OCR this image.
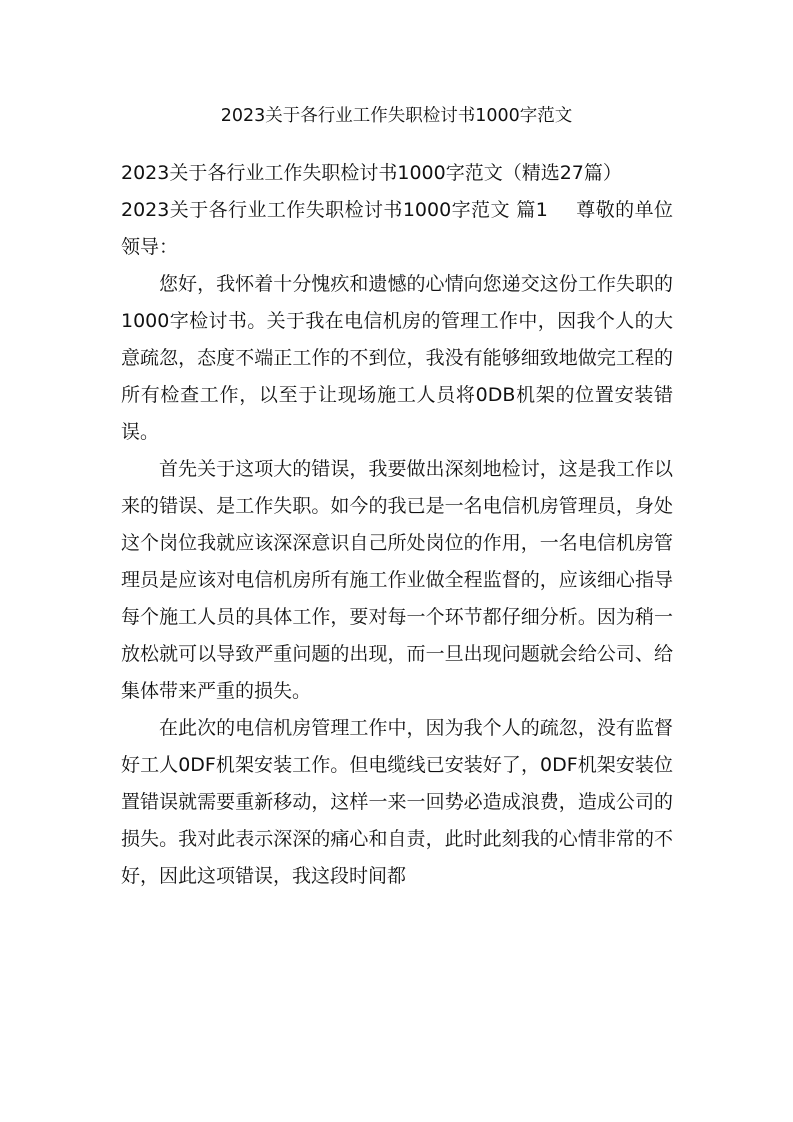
2023关于各行业工作失职检讨书1000字范文

2023关于各行业工作失职检讨书1000字范文（精选27篇）

2023关于各行业工作失职检讨书1000字范文 篇1 尊敬的单位领导：

您好，我怀着十分愧疚和遗憾的心情向您递交这份工作失职的1000字检讨书。关于我在电信机房的管理工作中，因我个人的大意疏忽，态度不端正工作的不到位，我没有能够细致地做完工程的所有检查工作，以至于让现场施工人员将0DB机架的位置安装错误。

首先关于这项大的错误，我要做出深刻地检讨，这是我工作以来的错误、是工作失职。如今的我已是一名电信机房管理员，身处这个岗位我就应该深深意识自己所处岗位的作用，一名电信机房管理员是应该对电信机房所有施工作业做全程监督的，应该细心指导每个施工人员的具体工作，要对每一个环节都仔细分析。因为稍一放松就可以导致严重问题的出现，而一旦出现问题就会给公司、给集体带来严重的损失。

在此次的电信机房管理工作中，因为我个人的疏忽，没有监督好工人0DF机架安装工作。但电缆线已安装好了，0DF机架安装位置错误就需要重新移动，这样一来一回势必造成浪费，造成公司的损失。我对此表示深深的痛心和自责，此时此刻我的心情非常的不好，因此这项错误，我这段时间都
